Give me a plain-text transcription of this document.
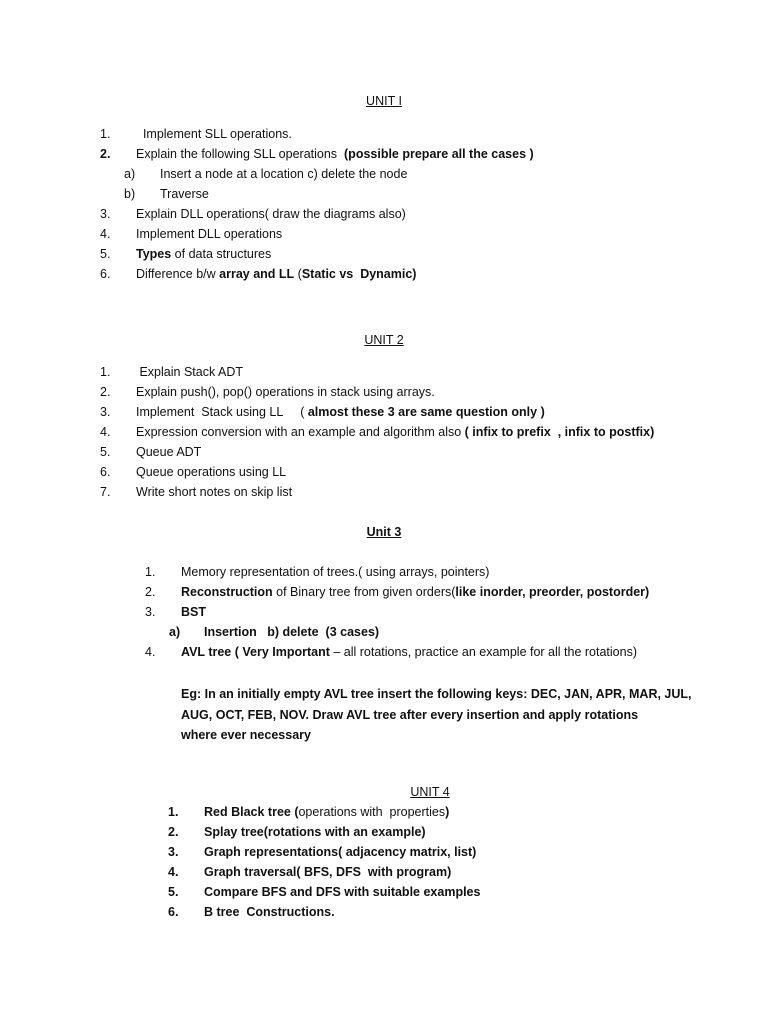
UNIT I
1. Implement SLL operations.
2. Explain the following SLL operations  (possible prepare all the cases )
a) Insert a node at a location c) delete the node
b) Traverse
3. Explain DLL operations( draw the diagrams also)
4. Implement DLL operations
5. Types of data structures
6. Difference b/w array and LL (Static vs  Dynamic)
UNIT 2
1. Explain Stack ADT
2. Explain push(), pop() operations in stack using arrays.
3. Implement  Stack using LL     ( almost these 3 are same question only )
4. Expression conversion with an example and algorithm also ( infix to prefix  , infix to postfix)
5. Queue ADT
6. Queue operations using LL
7. Write short notes on skip list
Unit 3
1. Memory representation of trees.( using arrays, pointers)
2. Reconstruction of Binary tree from given orders(like inorder, preorder, postorder)
3. BST
a) Insertion   b) delete  (3 cases)
4. AVL tree ( Very Important – all rotations, practice an example for all the rotations)
Eg: In an initially empty AVL tree insert the following keys: DEC, JAN, APR, MAR, JUL,
AUG, OCT, FEB, NOV. Draw AVL tree after every insertion and apply rotations
where ever necessary
UNIT 4
1. Red Black tree (operations with  properties)
2. Splay tree(rotations with an example)
3. Graph representations( adjacency matrix, list)
4. Graph traversal( BFS, DFS  with program)
5. Compare BFS and DFS with suitable examples
6. B tree  Constructions.
